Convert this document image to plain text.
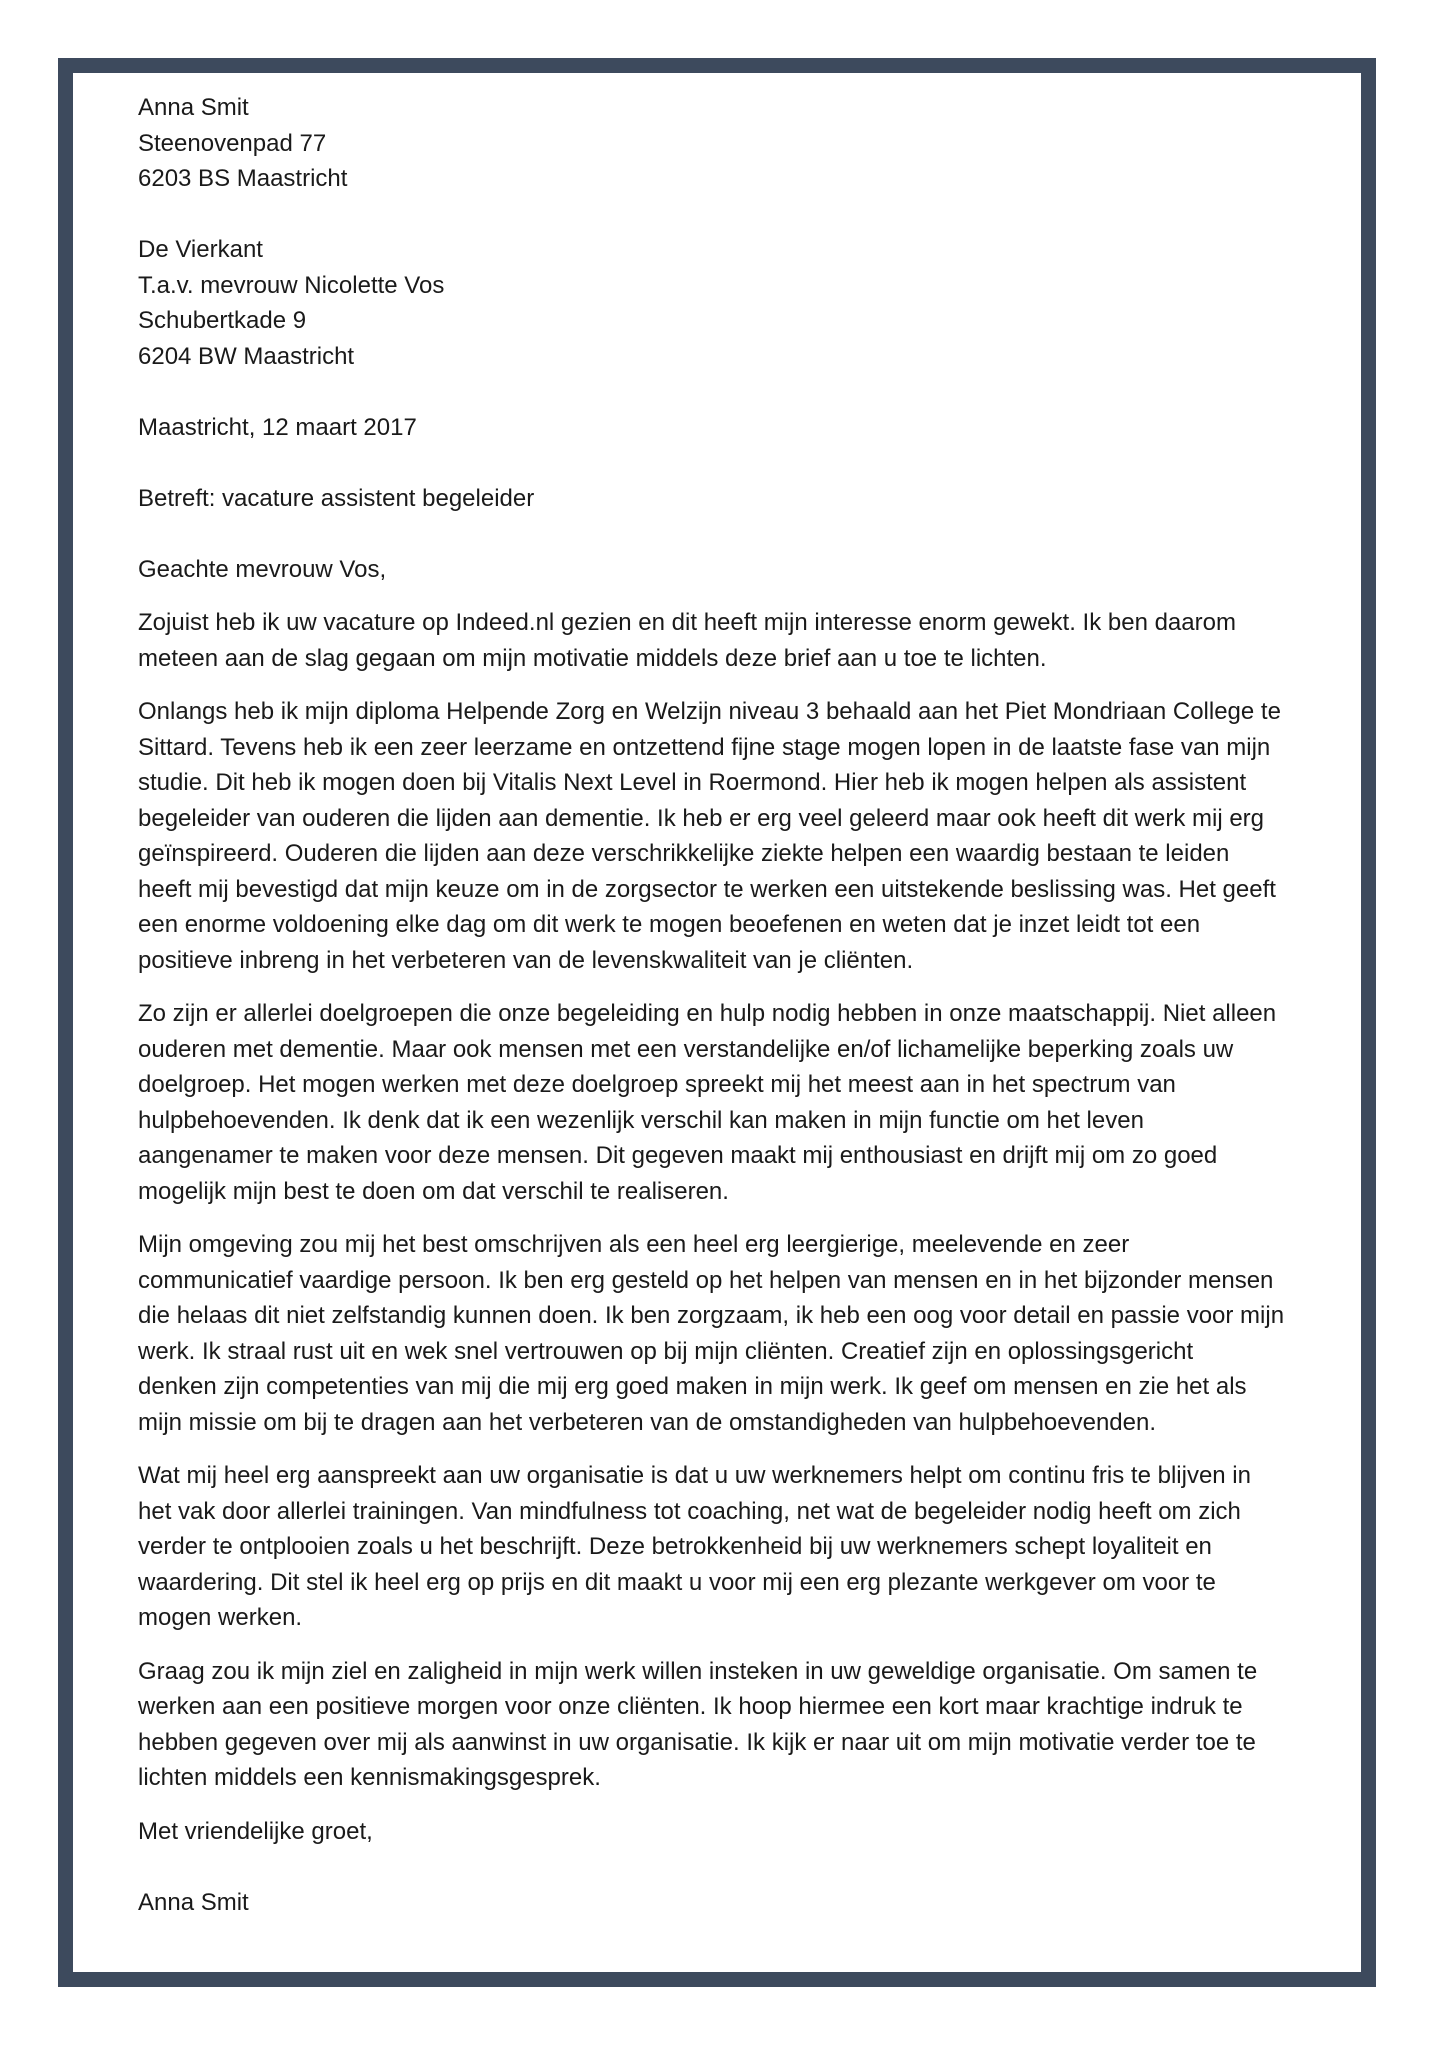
Anna Smit
Steenovenpad 77
6203 BS Maastricht
De Vierkant
T.a.v. mevrouw Nicolette Vos
Schubertkade 9
6204 BW Maastricht
Maastricht, 12 maart 2017
Betreft: vacature assistent begeleider
Geachte mevrouw Vos,
Zojuist heb ik uw vacature op Indeed.nl gezien en dit heeft mijn interesse enorm gewekt. Ik ben daarom
meteen aan de slag gegaan om mijn motivatie middels deze brief aan u toe te lichten.
Onlangs heb ik mijn diploma Helpende Zorg en Welzijn niveau 3 behaald aan het Piet Mondriaan College te
Sittard. Tevens heb ik een zeer leerzame en ontzettend fijne stage mogen lopen in de laatste fase van mijn
studie. Dit heb ik mogen doen bij Vitalis Next Level in Roermond. Hier heb ik mogen helpen als assistent
begeleider van ouderen die lijden aan dementie. Ik heb er erg veel geleerd maar ook heeft dit werk mij erg
geïnspireerd. Ouderen die lijden aan deze verschrikkelijke ziekte helpen een waardig bestaan te leiden
heeft mij bevestigd dat mijn keuze om in de zorgsector te werken een uitstekende beslissing was. Het geeft
een enorme voldoening elke dag om dit werk te mogen beoefenen en weten dat je inzet leidt tot een
positieve inbreng in het verbeteren van de levenskwaliteit van je cliënten.
Zo zijn er allerlei doelgroepen die onze begeleiding en hulp nodig hebben in onze maatschappij. Niet alleen
ouderen met dementie. Maar ook mensen met een verstandelijke en/of lichamelijke beperking zoals uw
doelgroep. Het mogen werken met deze doelgroep spreekt mij het meest aan in het spectrum van
hulpbehoevenden. Ik denk dat ik een wezenlijk verschil kan maken in mijn functie om het leven
aangenamer te maken voor deze mensen. Dit gegeven maakt mij enthousiast en drijft mij om zo goed
mogelijk mijn best te doen om dat verschil te realiseren.
Mijn omgeving zou mij het best omschrijven als een heel erg leergierige, meelevende en zeer
communicatief vaardige persoon. Ik ben erg gesteld op het helpen van mensen en in het bijzonder mensen
die helaas dit niet zelfstandig kunnen doen. Ik ben zorgzaam, ik heb een oog voor detail en passie voor mijn
werk. Ik straal rust uit en wek snel vertrouwen op bij mijn cliënten. Creatief zijn en oplossingsgericht
denken zijn competenties van mij die mij erg goed maken in mijn werk. Ik geef om mensen en zie het als
mijn missie om bij te dragen aan het verbeteren van de omstandigheden van hulpbehoevenden.
Wat mij heel erg aanspreekt aan uw organisatie is dat u uw werknemers helpt om continu fris te blijven in
het vak door allerlei trainingen. Van mindfulness tot coaching, net wat de begeleider nodig heeft om zich
verder te ontplooien zoals u het beschrijft. Deze betrokkenheid bij uw werknemers schept loyaliteit en
waardering. Dit stel ik heel erg op prijs en dit maakt u voor mij een erg plezante werkgever om voor te
mogen werken.
Graag zou ik mijn ziel en zaligheid in mijn werk willen insteken in uw geweldige organisatie. Om samen te
werken aan een positieve morgen voor onze cliënten. Ik hoop hiermee een kort maar krachtige indruk te
hebben gegeven over mij als aanwinst in uw organisatie. Ik kijk er naar uit om mijn motivatie verder toe te
lichten middels een kennismakingsgesprek.
Met vriendelijke groet,
Anna Smit
